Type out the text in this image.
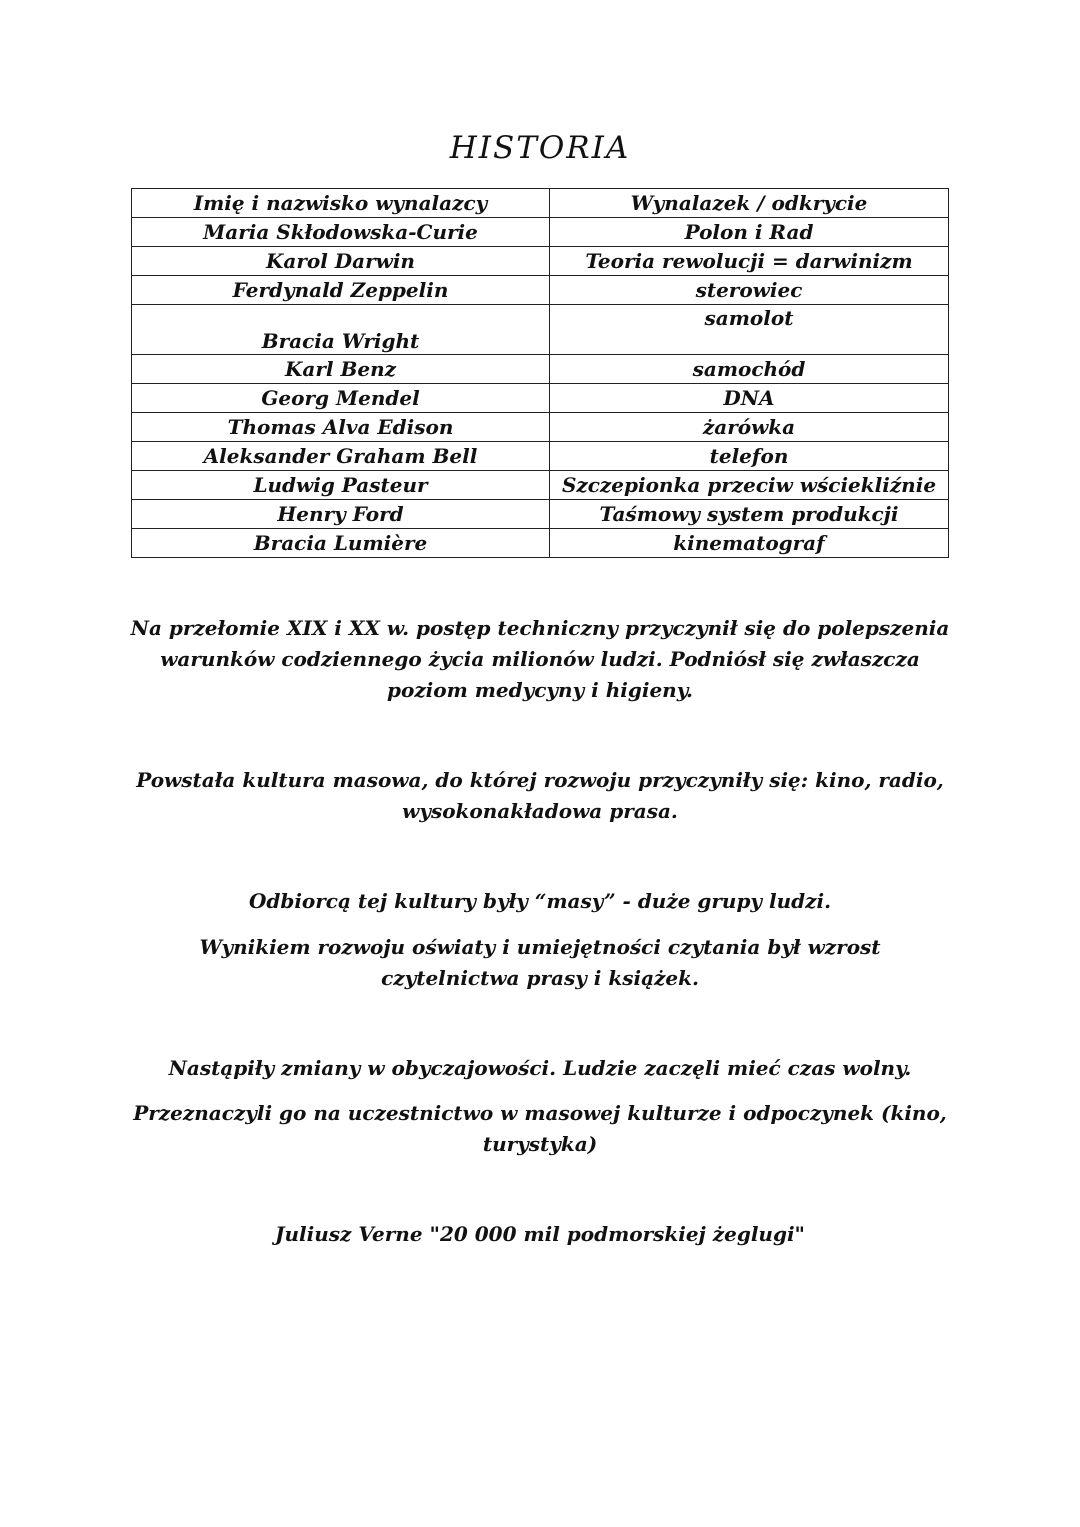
HISTORIA
Imię i nazwisko wynalazcy	Wynalazek / odkrycie
Maria Skłodowska-Curie	Polon i Rad
Karol Darwin	Teoria rewolucji = darwinizm
Ferdynald Zeppelin	sterowiec
Bracia Wright	samolot
Karl Benz	samochód
Georg Mendel	DNA
Thomas Alva Edison	żarówka
Aleksander Graham Bell	telefon
Ludwig Pasteur	Szczepionka przeciw wściekliźnie
Henry Ford	Taśmowy system produkcji
Bracia Lumière	kinematograf
Na przełomie XIX i XX w. postęp techniczny przyczynił się do polepszenia warunków codziennego życia milionów ludzi. Podniósł się zwłaszcza poziom medycyny i higieny.
Powstała kultura masowa, do której rozwoju przyczyniły się: kino, radio, wysokonakładowa prasa.
Odbiorcą tej kultury były “masy” - duże grupy ludzi.
Wynikiem rozwoju oświaty i umiejętności czytania był wzrost czytelnictwa prasy i książek.
Nastąpiły zmiany w obyczajowości. Ludzie zaczęli mieć czas wolny.
Przeznaczyli go na uczestnictwo w masowej kulturze i odpoczynek (kino, turystyka)
Juliusz Verne "20 000 mil podmorskiej żeglugi"
